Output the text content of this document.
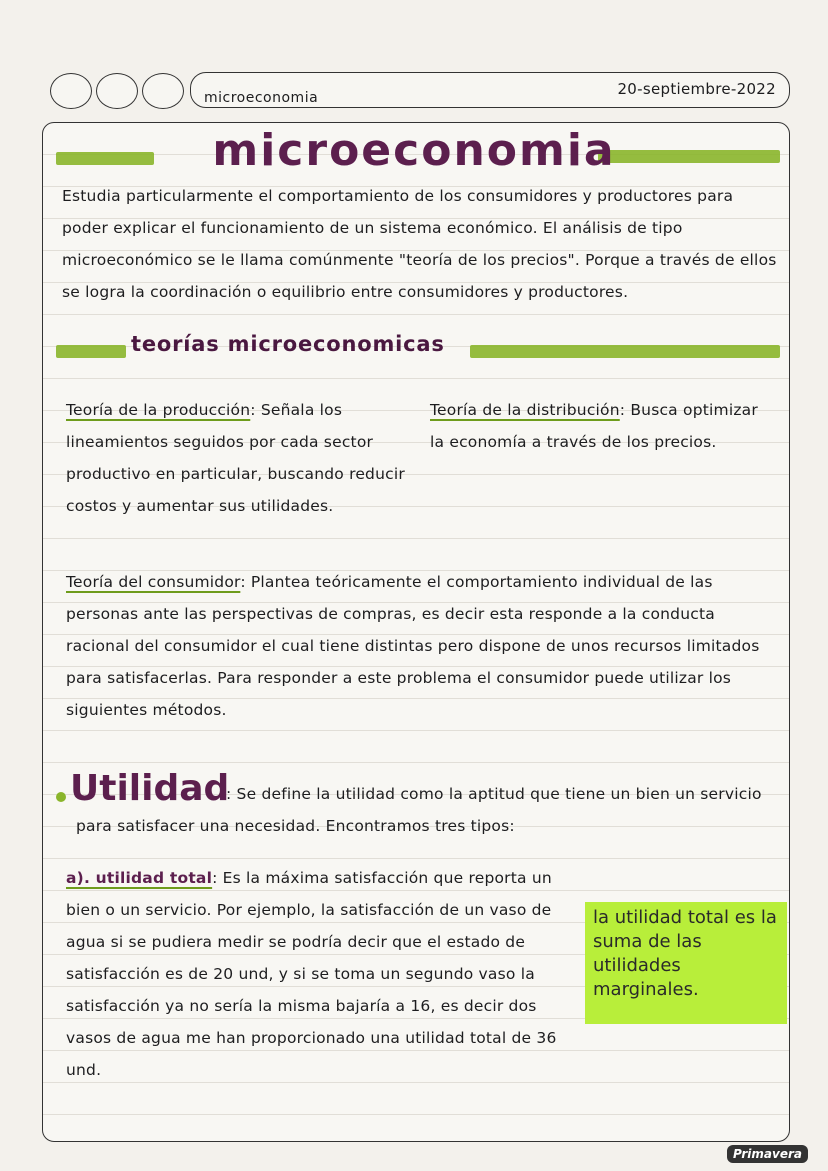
microeconomia	20-septiembre-2022
microeconomia
Estudia particularmente el comportamiento de los consumidores y productores para poder explicar el funcionamiento de un sistema económico. El análisis de tipo microeconómico se le llama comúnmente "teoría de los precios". Porque a través de ellos se logra la coordinación o equilibrio entre consumidores y productores.
teorías microeconomicas
Teoría de la producción: Señala los lineamientos seguidos por cada sector productivo en particular, buscando reducir costos y aumentar sus utilidades.
Teoría de la distribución: Busca optimizar la economía a través de los precios.
Teoría del consumidor: Plantea teóricamente el comportamiento individual de las personas ante las perspectivas de compras, es decir esta responde a la conducta racional del consumidor el cual tiene distintas pero dispone de unos recursos limitados para satisfacerlas. Para responder a este problema el consumidor puede utilizar los siguientes métodos.
Utilidad
: Se define la utilidad como la aptitud que tiene un bien un servicio para satisfacer una necesidad. Encontramos tres tipos:
a). utilidad total: Es la máxima satisfacción que reporta un bien o un servicio. Por ejemplo, la satisfacción de un vaso de agua si se pudiera medir se podría decir que el estado de satisfacción es de 20 und, y si se toma un segundo vaso la satisfacción ya no sería la misma bajaría a 16, es decir dos vasos de agua me han proporcionado una utilidad total de 36 und.
la utilidad total es la suma de las utilidades marginales.
Primavera
